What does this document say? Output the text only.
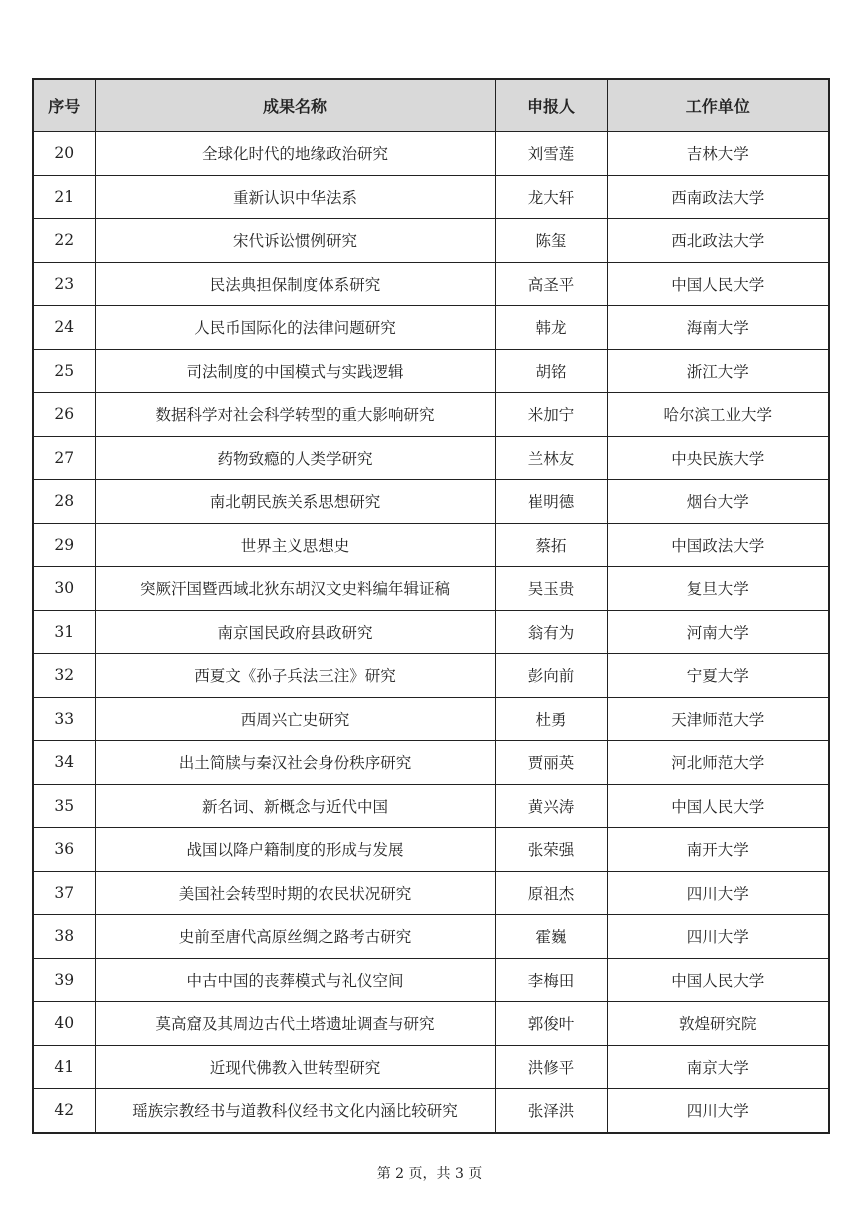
序号	成果名称	申报人	工作单位
20	全球化时代的地缘政治研究	刘雪莲	吉林大学
21	重新认识中华法系	龙大轩	西南政法大学
22	宋代诉讼惯例研究	陈玺	西北政法大学
23	民法典担保制度体系研究	高圣平	中国人民大学
24	人民币国际化的法律问题研究	韩龙	海南大学
25	司法制度的中国模式与实践逻辑	胡铭	浙江大学
26	数据科学对社会科学转型的重大影响研究	米加宁	哈尔滨工业大学
27	药物致瘾的人类学研究	兰林友	中央民族大学
28	南北朝民族关系思想研究	崔明德	烟台大学
29	世界主义思想史	蔡拓	中国政法大学
30	突厥汗国暨西域北狄东胡汉文史料编年辑证稿	吴玉贵	复旦大学
31	南京国民政府县政研究	翁有为	河南大学
32	西夏文《孙子兵法三注》研究	彭向前	宁夏大学
33	西周兴亡史研究	杜勇	天津师范大学
34	出土简牍与秦汉社会身份秩序研究	贾丽英	河北师范大学
35	新名词、新概念与近代中国	黄兴涛	中国人民大学
36	战国以降户籍制度的形成与发展	张荣强	南开大学
37	美国社会转型时期的农民状况研究	原祖杰	四川大学
38	史前至唐代高原丝绸之路考古研究	霍巍	四川大学
39	中古中国的丧葬模式与礼仪空间	李梅田	中国人民大学
40	莫高窟及其周边古代土塔遗址调查与研究	郭俊叶	敦煌研究院
41	近现代佛教入世转型研究	洪修平	南京大学
42	瑶族宗教经书与道教科仪经书文化内涵比较研究	张泽洪	四川大学
第 2 页，共 3 页
